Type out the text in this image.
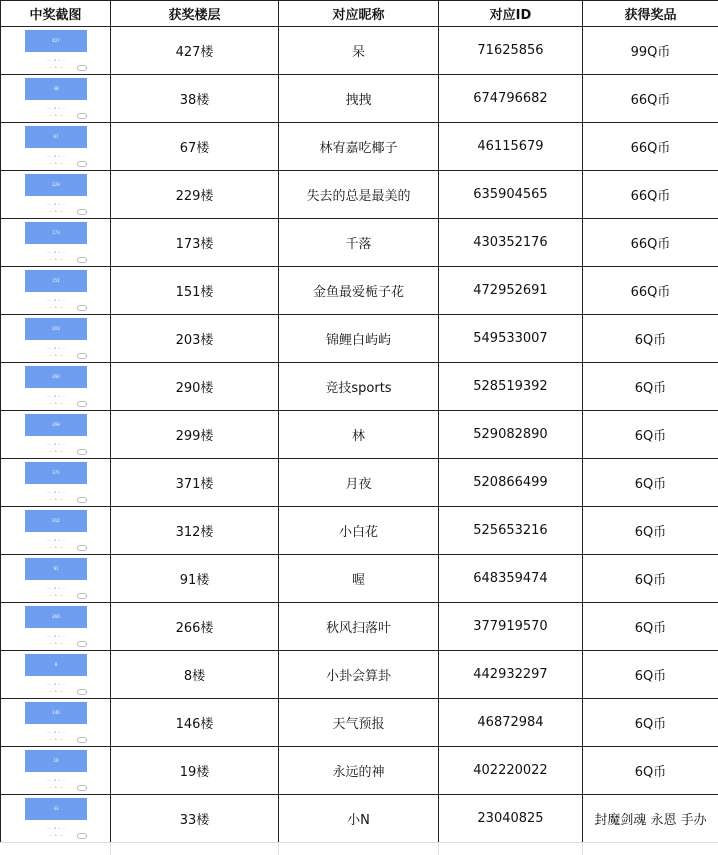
中奖截图	获奖楼层	对应昵称	对应ID	获得奖品

427
……  2  —  …
……  1  ……	427楼	呆	71625856	99Q币

38
……  2  —  …
……  1  ……	38楼	拽拽	674796682	66Q币

67
……  2  —  …
……  1  ……	67楼	林宥嘉吃椰子	46115679	66Q币

229
……  2  —  …
……  1  ……	229楼	失去的总是最美的	635904565	66Q币

173
……  2  —  …
……  1  ……	173楼	千落	430352176	66Q币

151
……  2  —  …
……  1  ……	151楼	金鱼最爱栀子花	472952691	66Q币

203
……  2  —  …
……  1  ……	203楼	锦鲤白屿屿	549533007	6Q币

290
……  2  —  …
……  1  ……	290楼	竞技sports	528519392	6Q币

299
……  2  —  …
……  1  ……	299楼	林	529082890	6Q币

371
……  2  —  …
……  1  ……	371楼	月夜	520866499	6Q币

312
……  2  —  …
……  1  ……	312楼	小白花	525653216	6Q币

91
……  2  —  …
……  1  ……	91楼	喔	648359474	6Q币

266
……  2  —  …
……  1  ……	266楼	秋风扫落叶	377919570	6Q币

8
……  2  —  …
……  1  ……	8楼	小卦会算卦	442932297	6Q币

146
……  2  —  …
……  1  ……	146楼	天气预报	46872984	6Q币

19
……  2  —  …
……  1  ……	19楼	永远的神	402220022	6Q币

33
……  2  —  …
……  1  ……	33楼	小N	23040825	封魔剑魂 永恩 手办
